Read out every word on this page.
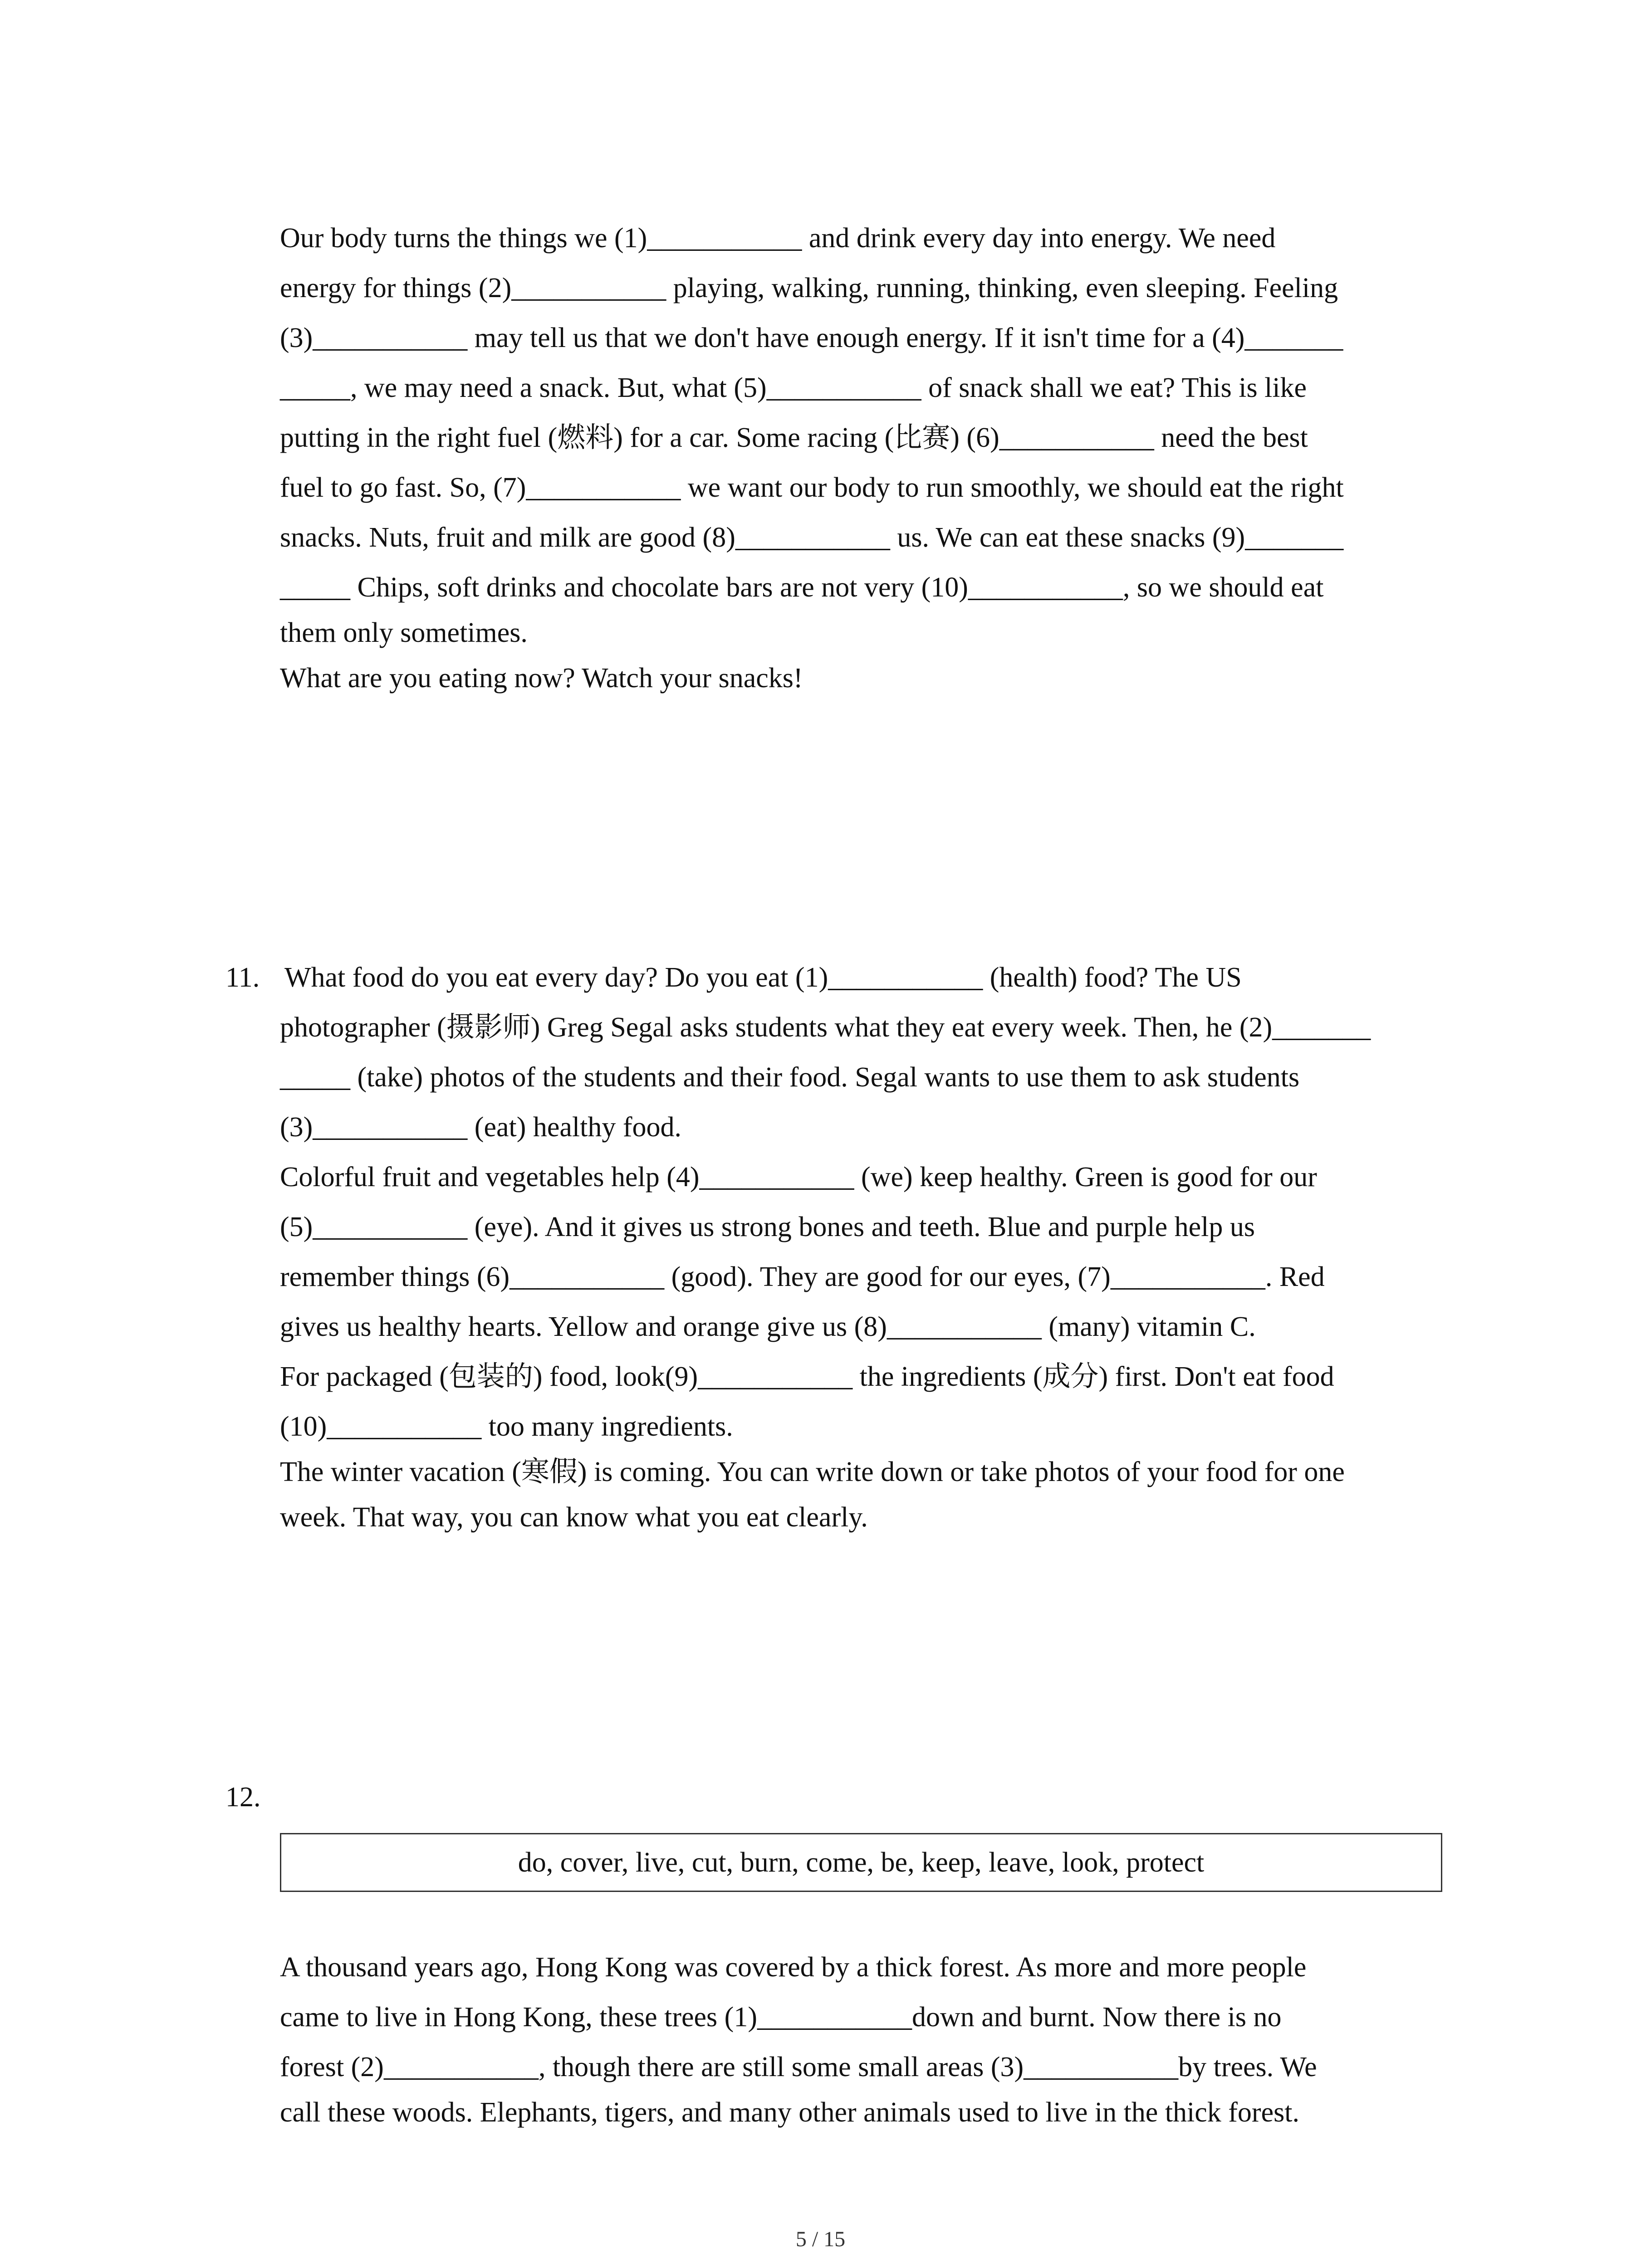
Our body turns the things we (1)___________ and drink every day into energy. We need
energy for things (2)___________ playing, walking, running, thinking, even sleeping. Feeling
(3)___________ may tell us that we don't have enough energy. If it isn't time for a (4)_______
_____, we may need a snack. But, what (5)___________ of snack shall we eat? This is like
putting in the right fuel (燃料) for a car. Some racing (比赛) (6)___________ need the best
fuel to go fast. So, (7)___________ we want our body to run smoothly, we should eat the right
snacks. Nuts, fruit and milk are good (8)___________ us. We can eat these snacks (9)_______
_____ Chips, soft drinks and chocolate bars are not very (10)___________, so we should eat
them only sometimes.
What are you eating now? Watch your snacks!
11. What food do you eat every day? Do you eat (1)___________ (health) food? The US
photographer (摄影师) Greg Segal asks students what they eat every week. Then, he (2)_______
_____ (take) photos of the students and their food. Segal wants to use them to ask students
(3)___________ (eat) healthy food.
Colorful fruit and vegetables help (4)___________ (we) keep healthy. Green is good for our
(5)___________ (eye). And it gives us strong bones and teeth. Blue and purple help us
remember things (6)___________ (good). They are good for our eyes, (7)___________. Red
gives us healthy hearts. Yellow and orange give us (8)___________ (many) vitamin C.
For packaged (包装的) food, look(9)___________ the ingredients (成分) first. Don't eat food
(10)___________ too many ingredients.
The winter vacation (寒假) is coming. You can write down or take photos of your food for one
week. That way, you can know what you eat clearly.
12.
do, cover, live, cut, burn, come, be, keep, leave, look, protect
A thousand years ago, Hong Kong was covered by a thick forest. As more and more people
came to live in Hong Kong, these trees (1)___________down and burnt. Now there is no
forest (2)___________, though there are still some small areas (3)___________by trees. We
call these woods. Elephants, tigers, and many other animals used to live in the thick forest.
5 / 15
